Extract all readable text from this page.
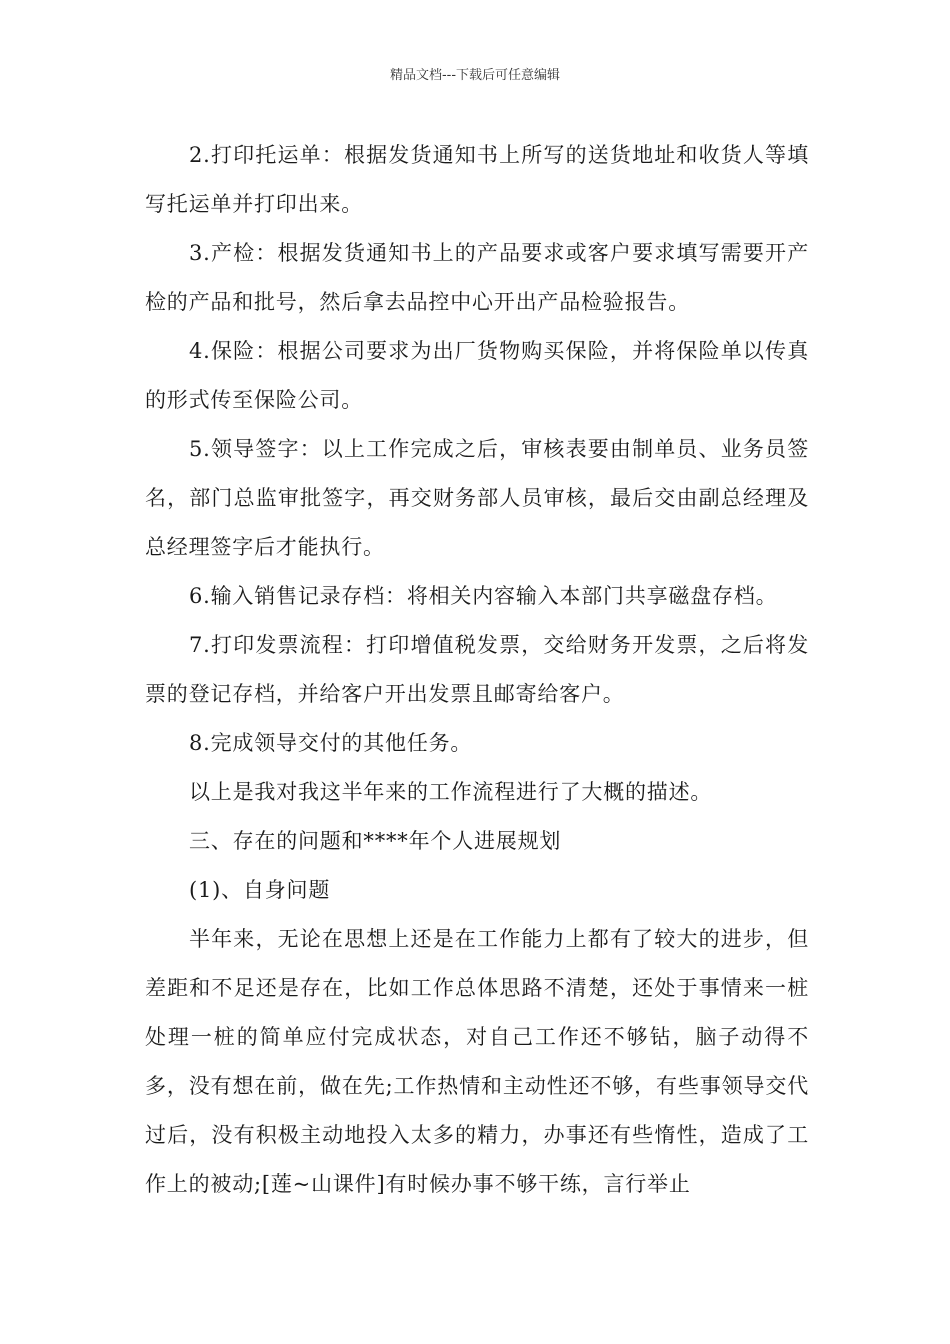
精品文档---下载后可任意编辑

2.打印托运单：根据发货通知书上所写的送货地址和收货人等填写托运单并打印出来。

3.产检：根据发货通知书上的产品要求或客户要求填写需要开产检的产品和批号，然后拿去品控中心开出产品检验报告。

4.保险：根据公司要求为出厂货物购买保险，并将保险单以传真的形式传至保险公司。

5.领导签字：以上工作完成之后，审核表要由制单员、业务员签名，部门总监审批签字，再交财务部人员审核，最后交由副总经理及总经理签字后才能执行。

6.输入销售记录存档：将相关内容输入本部门共享磁盘存档。

7.打印发票流程：打印增值税发票，交给财务开发票，之后将发票的登记存档，并给客户开出发票且邮寄给客户。

8.完成领导交付的其他任务。

以上是我对我这半年来的工作流程进行了大概的描述。

三、存在的问题和****年个人进展规划

(1)、自身问题

半年来，无论在思想上还是在工作能力上都有了较大的进步，但差距和不足还是存在，比如工作总体思路不清楚，还处于事情来一桩处理一桩的简单应付完成状态，对自己工作还不够钻，脑子动得不多，没有想在前，做在先;工作热情和主动性还不够，有些事领导交代过后，没有积极主动地投入太多的精力，办事还有些惰性，造成了工作上的被动;[莲~山课件]有时候办事不够干练，言行举止
